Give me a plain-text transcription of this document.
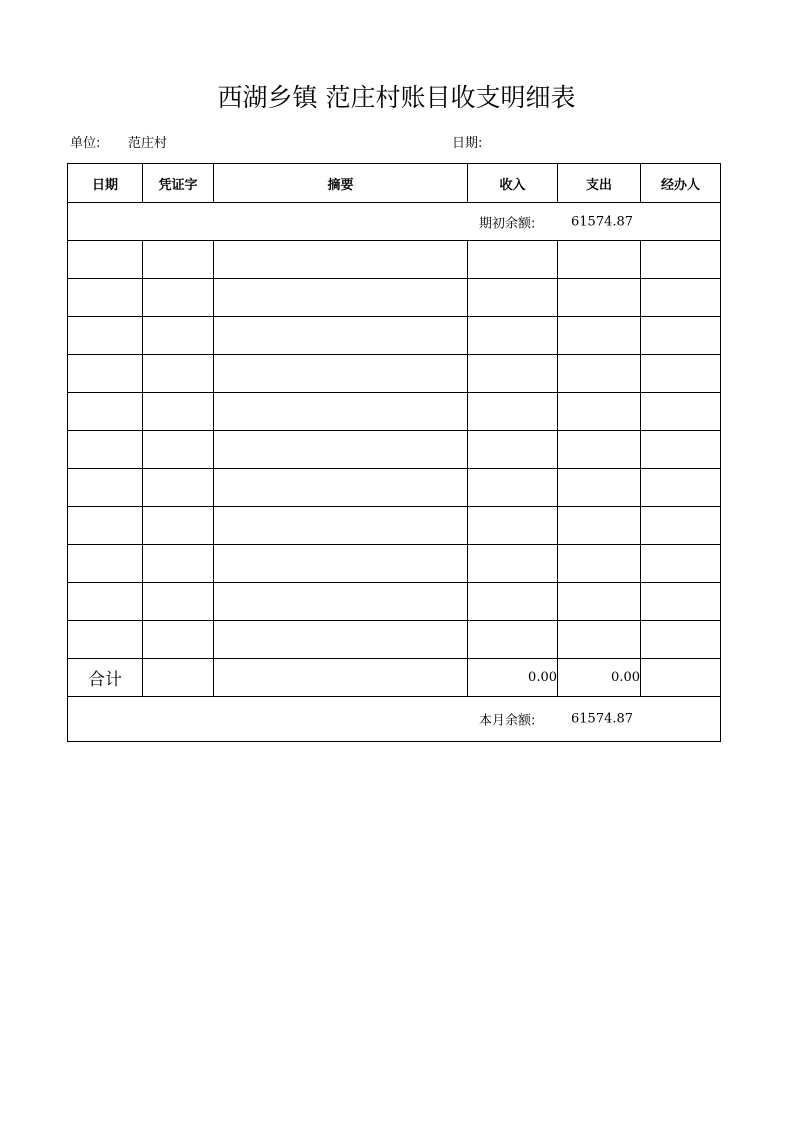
西湖乡镇 范庄村账目收支明细表
单位: 范庄村	日期:
日期	凭证字	摘要	收入	支出	经办人

期初余额: 61574.87					

合计			0.00	0.00	

本月余额: 61574.87					
